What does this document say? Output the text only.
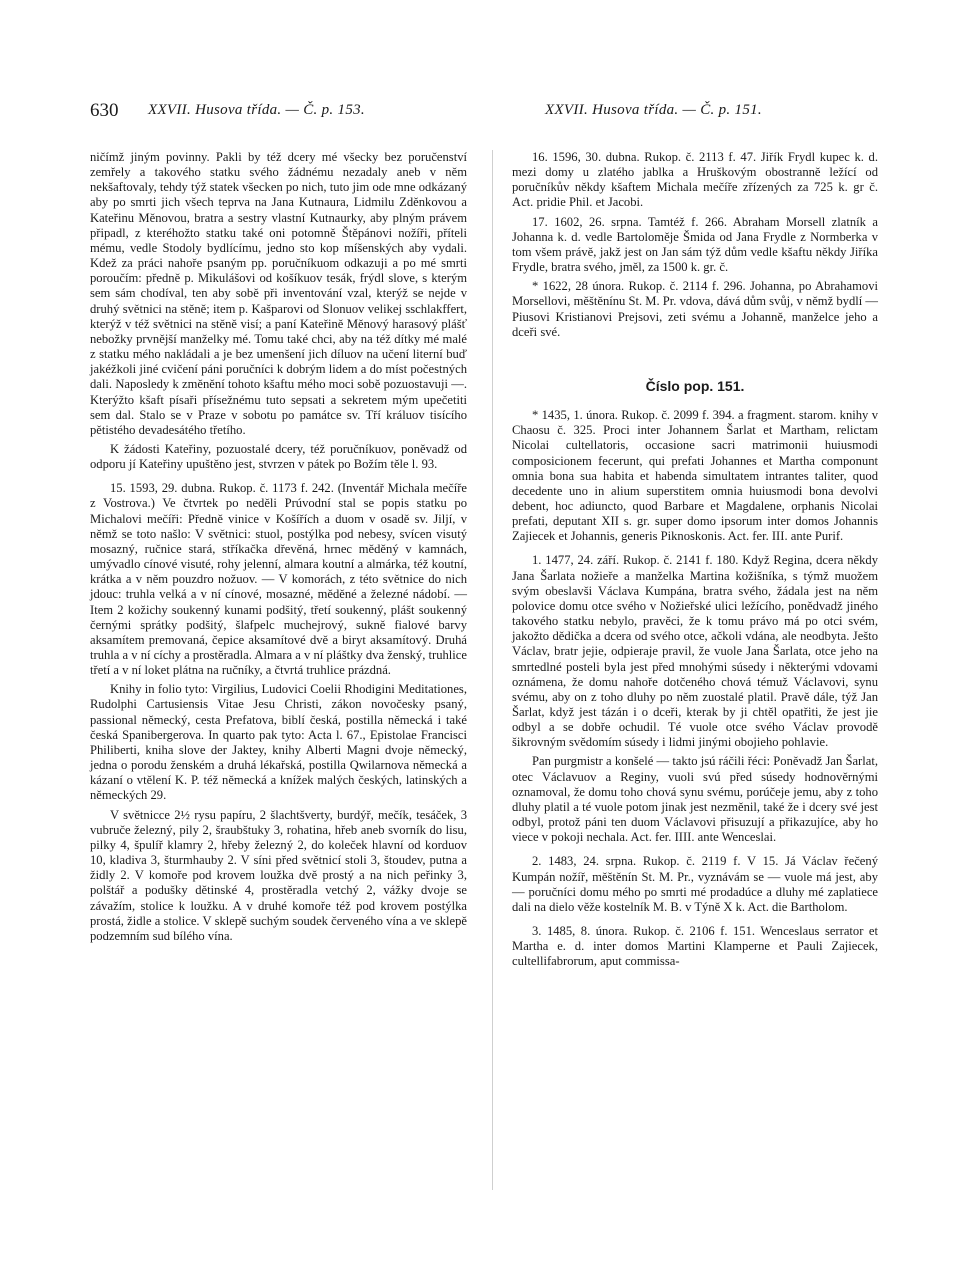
630 XXVII. Husova třída. — Č. p. 153.	XXVII. Husova třída. — Č. p. 151.

ničímž jiným povinny. Pakli by též dcery mé všecky bez poručenství zemřely a takového statku svého žádnému nezadaly aneb v něm nekšaftovaly, tehdy týž statek všecken po nich, tuto jim ode mne odkázaný aby po smrti jich všech teprva na Jana Kutnaura, Lidmilu Zděnkovou a Kateřinu Měnovou, bratra a sestry vlastní Kutnaurky, aby plným právem připadl, z kteréhožto statku také oni potomně Štěpánovi nožíři, příteli mému, vedle Stodoly bydlícímu, jedno sto kop míšenských aby vydali. Kdež za práci nahoře psaným pp. poručníkuom odkazuji a po mé smrti poroučím: předně p. Mikulášovi od košíkuov tesák, frýdl slove, s kterým sem sám chodíval, ten aby sobě při inventování vzal, kterýž se nejde v druhý světnici na stěně; item p. Kašparovi od Slonuov velikej sschlakffert, kterýž v též světnici na stěně visí; a paní Kateřině Měnový harasový plášť nebožky prvnější manželky mé. Tomu také chci, aby na též dítky mé malé z statku mého nakládali a je bez umenšení jich díluov na učení literní buď jakéžkoli jiné cvičení páni poručníci k dobrým lidem a do míst počestných dali. Naposledy k změnění tohoto kšaftu mého moci sobě pozuostavuji —. Kterýžto kšaft písaři přísežnému tuto sepsati a sekretem mým upečetiti sem dal. Stalo se v Praze v sobotu po památce sv. Tří králuov tisícího pětistého devadesátého třetího.

K žádosti Kateřiny, pozuostalé dcery, též poručníkuov, poněvadž od odporu jí Kateřiny upuštěno jest, stvrzen v pátek po Božím těle l. 93.

15. 1593, 29. dubna. Rukop. č. 1173 f. 242. (Inventář Michala mečíře z Vostrova.) Ve čtvrtek po neděli Prúvodní stal se popis statku po Michalovi mečíři: Předně vinice v Košířích a duom v osadě sv. Jiljí, v němž se toto našlo: V světnici: stuol, postýlka pod nebesy, svícen visutý mosazný, ručnice stará, stříkačka dřevěná, hrnec měděný v kamnách, umývadlo cínové visuté, rohy jelenní, almara koutní a almárka, též koutní, krátka a v něm pouzdro nožuov. — V komorách, z této světnice do nich jdouc: truhla velká a v ní cínové, mosazné, měděné a železné nádobí. — Item 2 kožichy soukenný kunami podšitý, třetí soukenný, plášt soukenný černými sprátky podšitý, šlafpelc muchejrový, sukně fialové barvy aksamítem premovaná, čepice aksamítové dvě a biryt aksamítový. Druhá truhla a v ní cíchy a prostěradla. Almara a v ní pláštky dva ženský, truhlice třetí a v ní loket plátna na ručníky, a čtvrtá truhlice prázdná.

Knihy in folio tyto: Virgilius, Ludovici Coelii Rhodigini Meditationes, Rudolphi Cartusiensis Vitae Jesu Christi, zákon novočesky psaný, passional německý, cesta Prefatova, biblí česká, postilla německá i také česká Spanibergerova. In quarto pak tyto: Acta l. 67., Epistolae Francisci Philiberti, kniha slove der Jaktey, knihy Alberti Magni dvoje německý, jedna o porodu ženském a druhá lékařská, postilla Qwilarnova německá a kázaní o vtělení K. P. též německá a knížek malých českých, latinských a německých 29.

V světnicce 2½ rysu papíru, 2 šlachtšverty, burdýř, mečík, tesáček, 3 vubruče železný, pily 2, šraubštuky 3, rohatina, hřeb aneb svorník do lisu, pilky 4, špulíř klamry 2, hřeby železný 2, do koleček hlavní od korduov 10, kladiva 3, šturmhauby 2. V síni před světnicí stoli 3, štoudev, putna a židly 2. V komoře pod krovem loužka dvě prostý a na nich peřinky 3, polštář a podušky dětinské 4, prostěradla vetchý 2, vážky dvoje se závažím, stolice k loužku. A v druhé komoře též pod krovem postýlka prostá, židle a stolice. V sklepě suchým soudek červeného vína a ve sklepě podzemním sud bílého vína.

16. 1596, 30. dubna. Rukop. č. 2113 f. 47. Jiřík Frydl kupec k. d. mezi domy u zlatého jablka a Hruškovým obostranně ležící od poručníkův někdy kšaftem Michala mečíře zřízených za 725 k. gr č. Act. pridie Phil. et Jacobi.

17. 1602, 26. srpna. Tamtéž f. 266. Abraham Morsell zlatník a Johanna k. d. vedle Bartoloměje Šmida od Jana Frydle z Normberka v tom všem právě, jakž jest on Jan sám týž dům vedle kšaftu někdy Jiříka Frydle, bratra svého, jměl, za 1500 k. gr. č.

* 1622, 28 února. Rukop. č. 2114 f. 296. Johanna, po Abrahamovi Morsellovi, měštěnínu St. M. Pr. vdova, dává dům svůj, v němž bydlí — Piusovi Kristianovi Prejsovi, zeti svému a Johanně, manželce jeho a dceři své.

Číslo pop. 151.

* 1435, 1. února. Rukop. č. 2099 f. 394. a fragment. starom. knihy v Chaosu č. 325. Proci inter Johannem Šarlat et Martham, relictam Nicolai cultellatoris, occasione sacri matrimonii huiusmodi composicionem fecerunt, qui prefati Johannes et Martha componunt omnia bona sua habita et habenda simultatem intrantes taliter, quod decedente uno in alium superstitem omnia huiusmodi bona devolvi debent, hoc adiuncto, quod Barbare et Magdalene, orphanis Nicolai prefati, deputant XII s. gr. super domo ipsorum inter domos Johannis Zajiecek et Johannis, generis Piknoskonis. Act. fer. III. ante Purif.

1. 1477, 24. září. Rukop. č. 2141 f. 180. Když Regina, dcera někdy Jana Šarlata nožieře a manželka Martina kožišníka, s týmž muožem svým obeslavši Václava Kumpána, bratra svého, žádala jest na něm polovice domu otce svého v Nožieřské ulici ležícího, ponědvadž jiného takového statku nebylo, pravěci, že k tomu právo má po otci svém, jakožto dědička a dcera od svého otce, ačkoli vdána, ale neodbyta. Ješto Václav, bratr jejie, odpieraje pravil, že vuole Jana Šarlata, otce jeho na smrtedlné posteli byla jest před mnohými súsedy i některými vdovami oznámena, že domu nahoře dotčeného chová témuž Václavovi, synu svému, aby on z toho dluhy po něm zuostalé platil. Pravě dále, týž Jan Šarlat, když jest tázán i o dceři, kterak by ji chtěl opatřiti, že jest jie odbyl a se dobře ochudil. Té vuole otce svého Václav provodě šikrovným svědomím súsedy i lidmi jinými obojieho pohlavie.

Pan purgmistr a konšelé — takto jsú ráčili řéci: Poněvadž Jan Šarlat, otec Václavuov a Reginy, vuoli svú před súsedy hodnověrnými oznamoval, že domu toho chová synu svému, porúčeje jemu, aby z toho dluhy platil a té vuole potom jinak jest nezměnil, také že i dcery své jest odbyl, protož páni ten duom Václavovi přisuzují a přikazujíce, aby ho viece v pokoji nechala. Act. fer. IIII. ante Wenceslai.

2. 1483, 24. srpna. Rukop. č. 2119 f. V 15. Já Václav řečený Kumpán nožíř, měštěnín St. M. Pr., vyznávám se — vuole má jest, aby — poručníci domu mého po smrti mé prodadúce a dluhy mé zaplatiece dali na dielo věže kostelník M. B. v Týně X k. Act. die Bartholom.

3. 1485, 8. února. Rukop. č. 2106 f. 151. Wenceslaus serrator et Martha e. d. inter domos Martini Klamperne et Pauli Zajiecek, cultellifabrorum, aput commissa-
